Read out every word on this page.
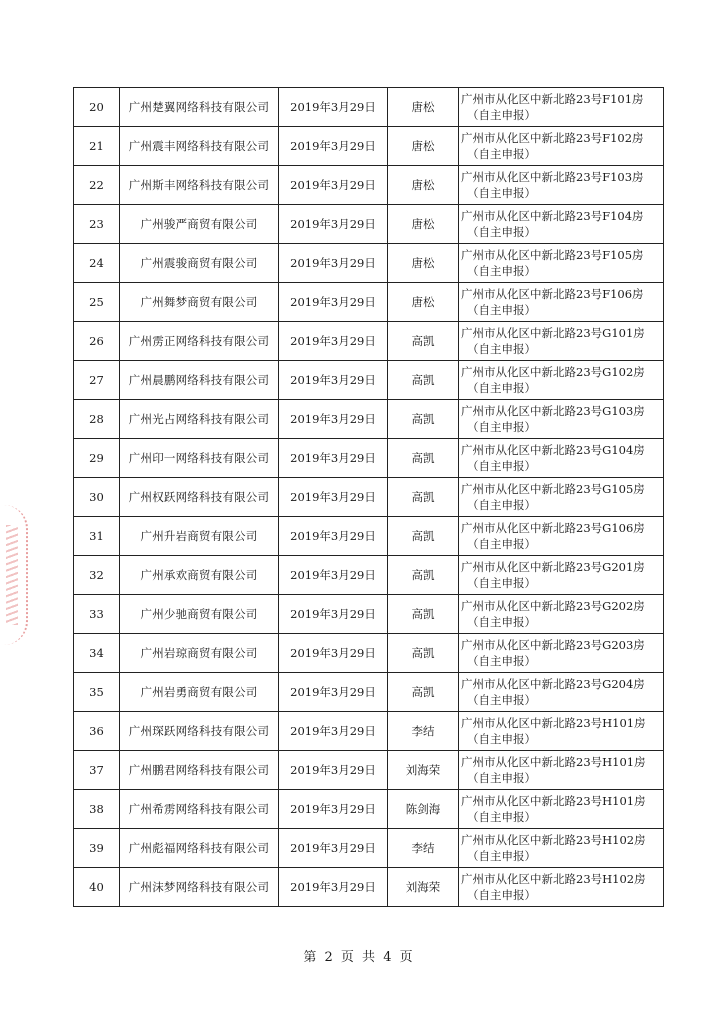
20	广州楚翼网络科技有限公司	2019年3月29日	唐松	广州市从化区中新北路23号F101房
（自主申报）

21	广州震丰网络科技有限公司	2019年3月29日	唐松	广州市从化区中新北路23号F102房
（自主申报）

22	广州斯丰网络科技有限公司	2019年3月29日	唐松	广州市从化区中新北路23号F103房
（自主申报）

23	广州骏严商贸有限公司	2019年3月29日	唐松	广州市从化区中新北路23号F104房
（自主申报）

24	广州震骏商贸有限公司	2019年3月29日	唐松	广州市从化区中新北路23号F105房
（自主申报）

25	广州舞梦商贸有限公司	2019年3月29日	唐松	广州市从化区中新北路23号F106房
（自主申报）

26	广州雳正网络科技有限公司	2019年3月29日	高凯	广州市从化区中新北路23号G101房
（自主申报）

27	广州晨鹏网络科技有限公司	2019年3月29日	高凯	广州市从化区中新北路23号G102房
（自主申报）

28	广州光占网络科技有限公司	2019年3月29日	高凯	广州市从化区中新北路23号G103房
（自主申报）

29	广州印一网络科技有限公司	2019年3月29日	高凯	广州市从化区中新北路23号G104房
（自主申报）

30	广州权跃网络科技有限公司	2019年3月29日	高凯	广州市从化区中新北路23号G105房
（自主申报）

31	广州升岩商贸有限公司	2019年3月29日	高凯	广州市从化区中新北路23号G106房
（自主申报）

32	广州承欢商贸有限公司	2019年3月29日	高凯	广州市从化区中新北路23号G201房
（自主申报）

33	广州少驰商贸有限公司	2019年3月29日	高凯	广州市从化区中新北路23号G202房
（自主申报）

34	广州岩琼商贸有限公司	2019年3月29日	高凯	广州市从化区中新北路23号G203房
（自主申报）

35	广州岩勇商贸有限公司	2019年3月29日	高凯	广州市从化区中新北路23号G204房
（自主申报）

36	广州琛跃网络科技有限公司	2019年3月29日	李结	广州市从化区中新北路23号H101房
（自主申报）

37	广州鹏君网络科技有限公司	2019年3月29日	刘海荣	广州市从化区中新北路23号H101房
（自主申报）

38	广州希雳网络科技有限公司	2019年3月29日	陈剑海	广州市从化区中新北路23号H101房
（自主申报）

39	广州彪福网络科技有限公司	2019年3月29日	李结	广州市从化区中新北路23号H102房
（自主申报）

40	广州沫梦网络科技有限公司	2019年3月29日	刘海荣	广州市从化区中新北路23号H102房
（自主申报）
第 2 页 共 4 页
